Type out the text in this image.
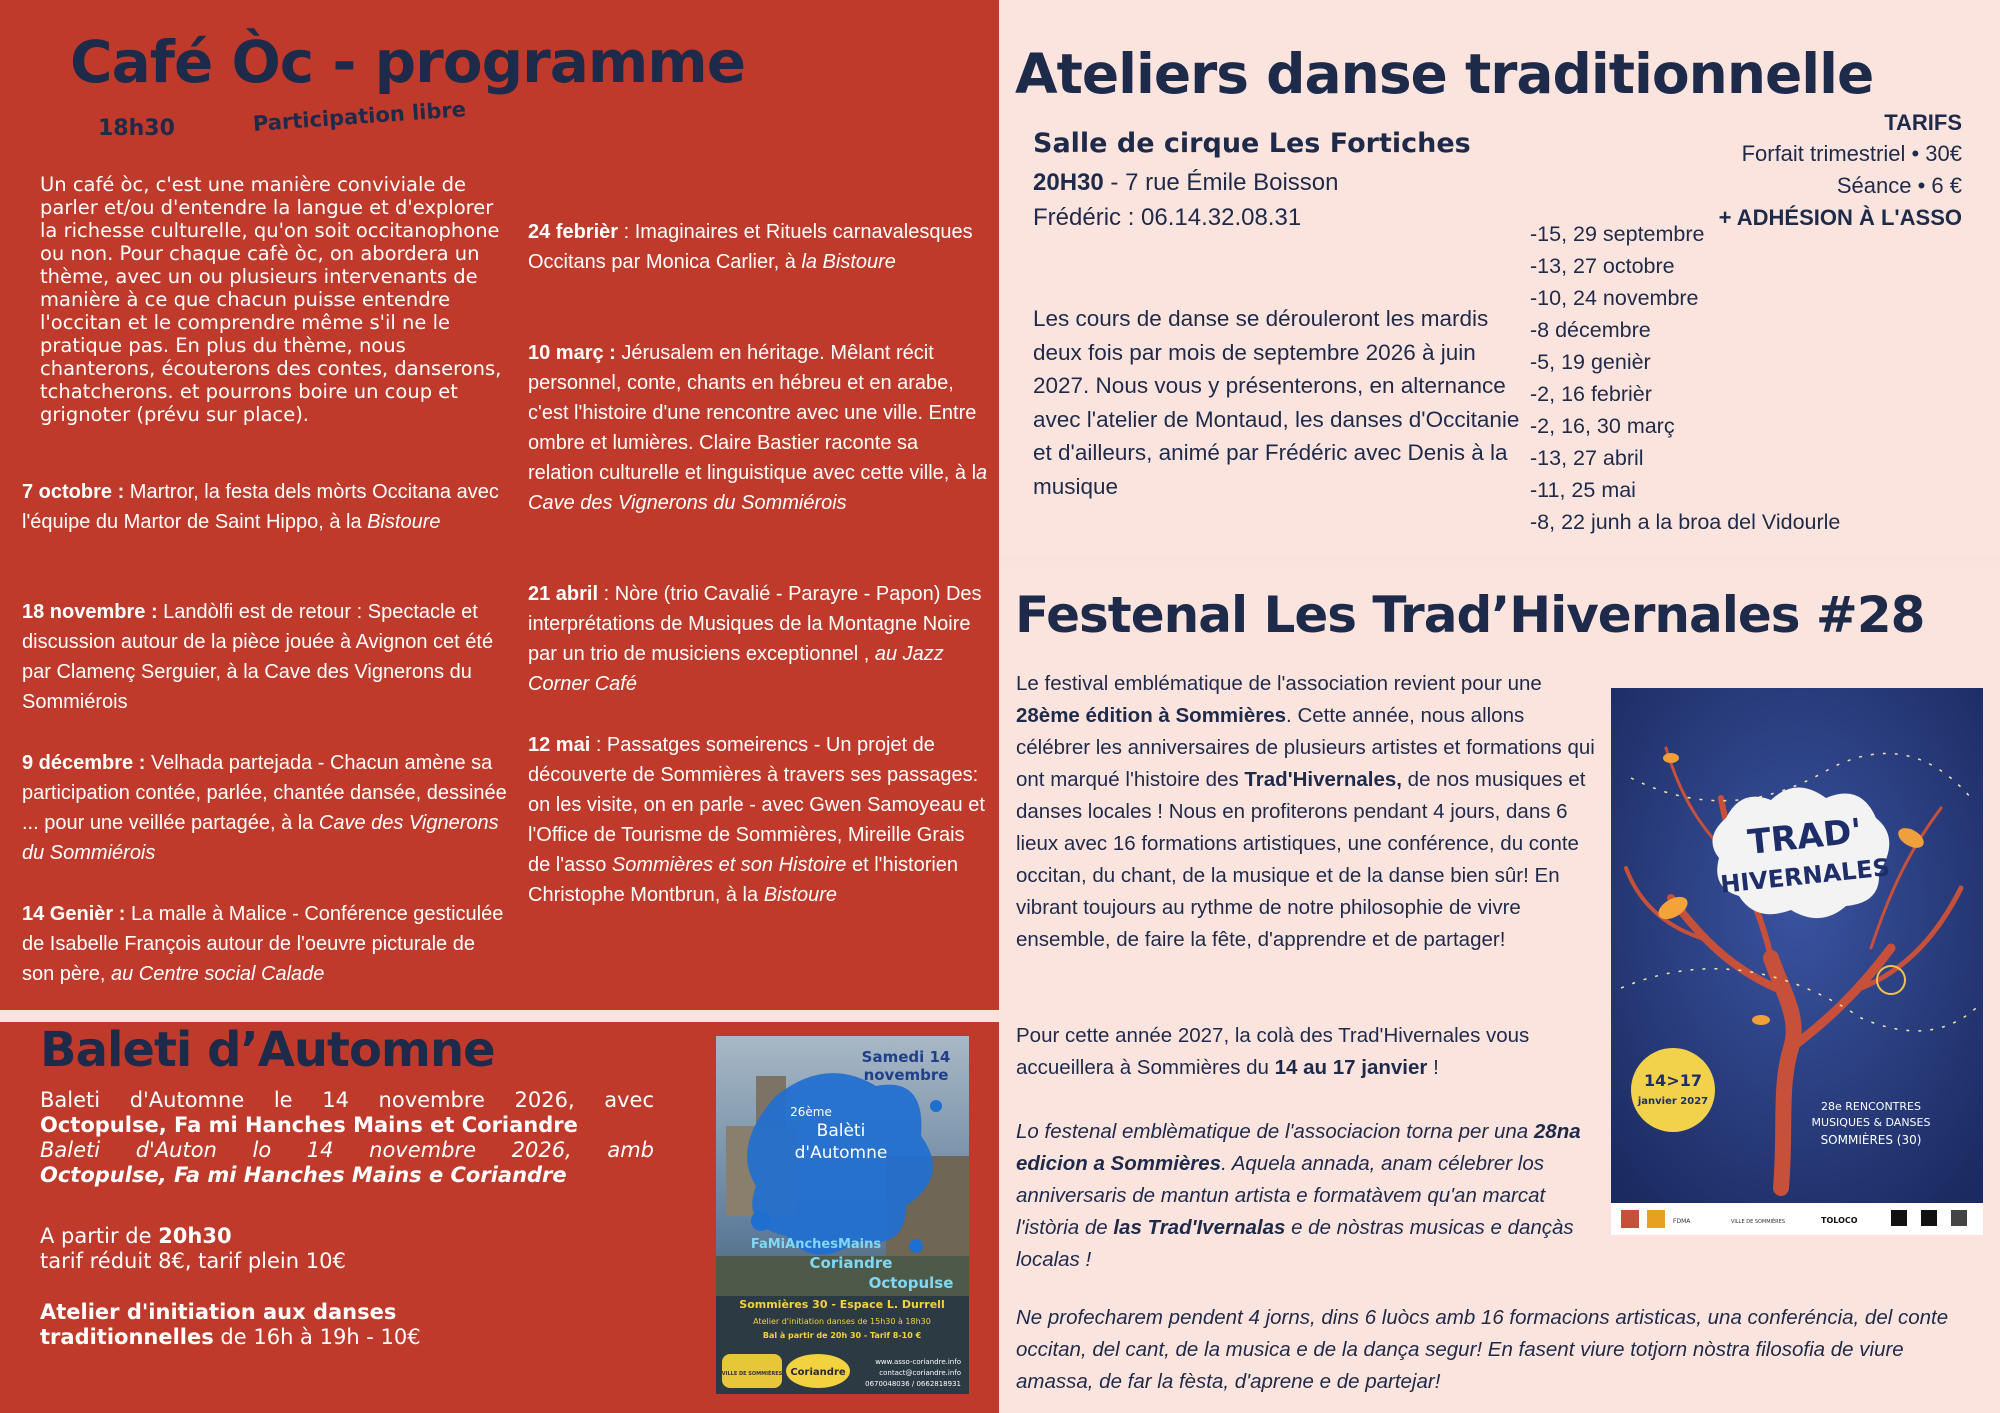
Café Òc - programme
18h30	Participation libre

Un café òc, c'est une manière conviviale de parler et/ou d'entendre la langue et d'explorer la richesse culturelle, qu'on soit occitanophone ou non. Pour chaque cafè òc, on abordera un thème, avec un ou plusieurs intervenants de manière à ce que chacun puisse entendre l'occitan et le comprendre même s'il ne le pratique pas. En plus du thème, nous chanterons, écouterons des contes, danserons, tchatcherons. et pourrons boire un coup et grignoter (prévu sur place).

7 octobre : Martror, la festa dels mòrts Occitana avec l'équipe du Martor de Saint Hippo, à la Bistoure

18 novembre : Landòlfi est de retour : Spectacle et discussion autour de la pièce jouée à Avignon cet été par Clamenç Serguier, à la Cave des Vignerons du Sommiérois

9 décembre : Velhada partejada - Chacun amène sa participation contée, parlée, chantée dansée, dessinée ... pour une veillée partagée, à la Cave des Vignerons du Sommiérois

14 Genièr : La malle à Malice - Conférence gesticulée de Isabelle François autour de l'oeuvre picturale de son père, au Centre social Calade

24 febrièr : Imaginaires et Rituels carnavalesques Occitans par Monica Carlier, à la Bistoure

10 març : Jérusalem en héritage. Mêlant récit personnel, conte, chants en hébreu et en arabe, c'est l'histoire d'une rencontre avec une ville. Entre ombre et lumières. Claire Bastier raconte sa relation culturelle et linguistique avec cette ville, à la Cave des Vignerons du Sommiérois

21 abril : Nòre (trio Cavalié - Parayre - Papon) Des interprétations de Musiques de la Montagne Noire par un trio de musiciens exceptionnel , au Jazz Corner Café

12 mai : Passatges someirencs - Un projet de découverte de Sommières à travers ses passages: on les visite, on en parle - avec Gwen Samoyeau et l'Office de Tourisme de Sommières, Mireille Grais de l'asso Sommières et son Histoire et l'historien Christophe Montbrun, à la Bistoure

Ateliers danse traditionnelle
Salle de cirque Les Fortiches
20H30 - 7 rue Émile Boisson
Frédéric : 06.14.32.08.31

Les cours de danse se dérouleront les mardis deux fois par mois de septembre 2026 à juin 2027. Nous vous y présenterons, en alternance avec l'atelier de Montaud, les danses d'Occitanie et d'ailleurs, animé par Frédéric avec Denis à la musique

-15, 29 septembre
-13, 27 octobre
-10, 24 novembre
-8 décembre
-5, 19 genièr
-2, 16 febrièr
-2, 16, 30 març
-13, 27 abril
-11, 25 mai
-8, 22 junh a la broa del Vidourle
TARIFS
Forfait trimestriel • 30€
Séance • 6 €
+ ADHÉSION À L'ASSO
Festenal Les Trad’Hivernales #28

Le festival emblématique de l'association revient pour une 28ème édition à Sommières. Cette année, nous allons célébrer les anniversaires de plusieurs artistes et formations qui ont marqué l'histoire des Trad'Hivernales, de nos musiques et danses locales ! Nous en profiterons pendant 4 jours, dans 6 lieux avec 16 formations artistiques, une conférence, du conte occitan, du chant, de la musique et de la danse bien sûr! En vibrant toujours au rythme de notre philosophie de vivre ensemble, de faire la fête, d'apprendre et de partager!

Pour cette année 2027, la colà des Trad'Hivernales vous accueillera à Sommières du 14 au 17 janvier !

Lo festenal emblèmatique de l'associacion torna per una 28na edicion a Sommières. Aquela annada, anam célebrer los anniversaris de mantun artista e formatàvem qu'an marcat l'istòria de las Trad'Ivernalas e de nòstras musicas e dançàs localas !

Ne profecharem pendent 4 jorns, dins 6 luòcs amb 16 formacions artisticas, una conferéncia, del conte occitan, del cant, de la musica e de la dança segur! En fasent viure totjorn nòstra filosofia de viure amassa, de far la fèsta, d'aprene e de partejar!

14>17
janvier 2027
TRAD'
HIVERNALES
28e RENCONTRES
MUSIQUES & DANSES
SOMMIÈRES (30)
FDMA	VILLE DE SOMMIÈRES	TOLOCO
Baleti d’Automne
Baleti d'Automne le 14 novembre 2026, avec
Octopulse, Fa mi Hanches Mains et Coriandre
Baleti d'Auton lo 14 novembre 2026, amb
Octopulse, Fa mi Hanches Mains e Coriandre
A partir de 20h30
tarif réduit 8€, tarif plein 10€
Atelier d'initiation aux danses
traditionnelles de 16h à 19h - 10€
Samedi 14
novembre
26ème
Balèti
d'Automne
FaMiAnchesMains
Coriandre
Octopulse
Sommières 30 - Espace L. Durrell
Atelier d'initiation danses de 15h30 à 18h30
Bal à partir de 20h 30 - Tarif 8-10 €
VILLE DE SOMMIÈRES Coriandre
www.asso-coriandre.info
contact@coriandre.info
0670048036 / 0662818931
